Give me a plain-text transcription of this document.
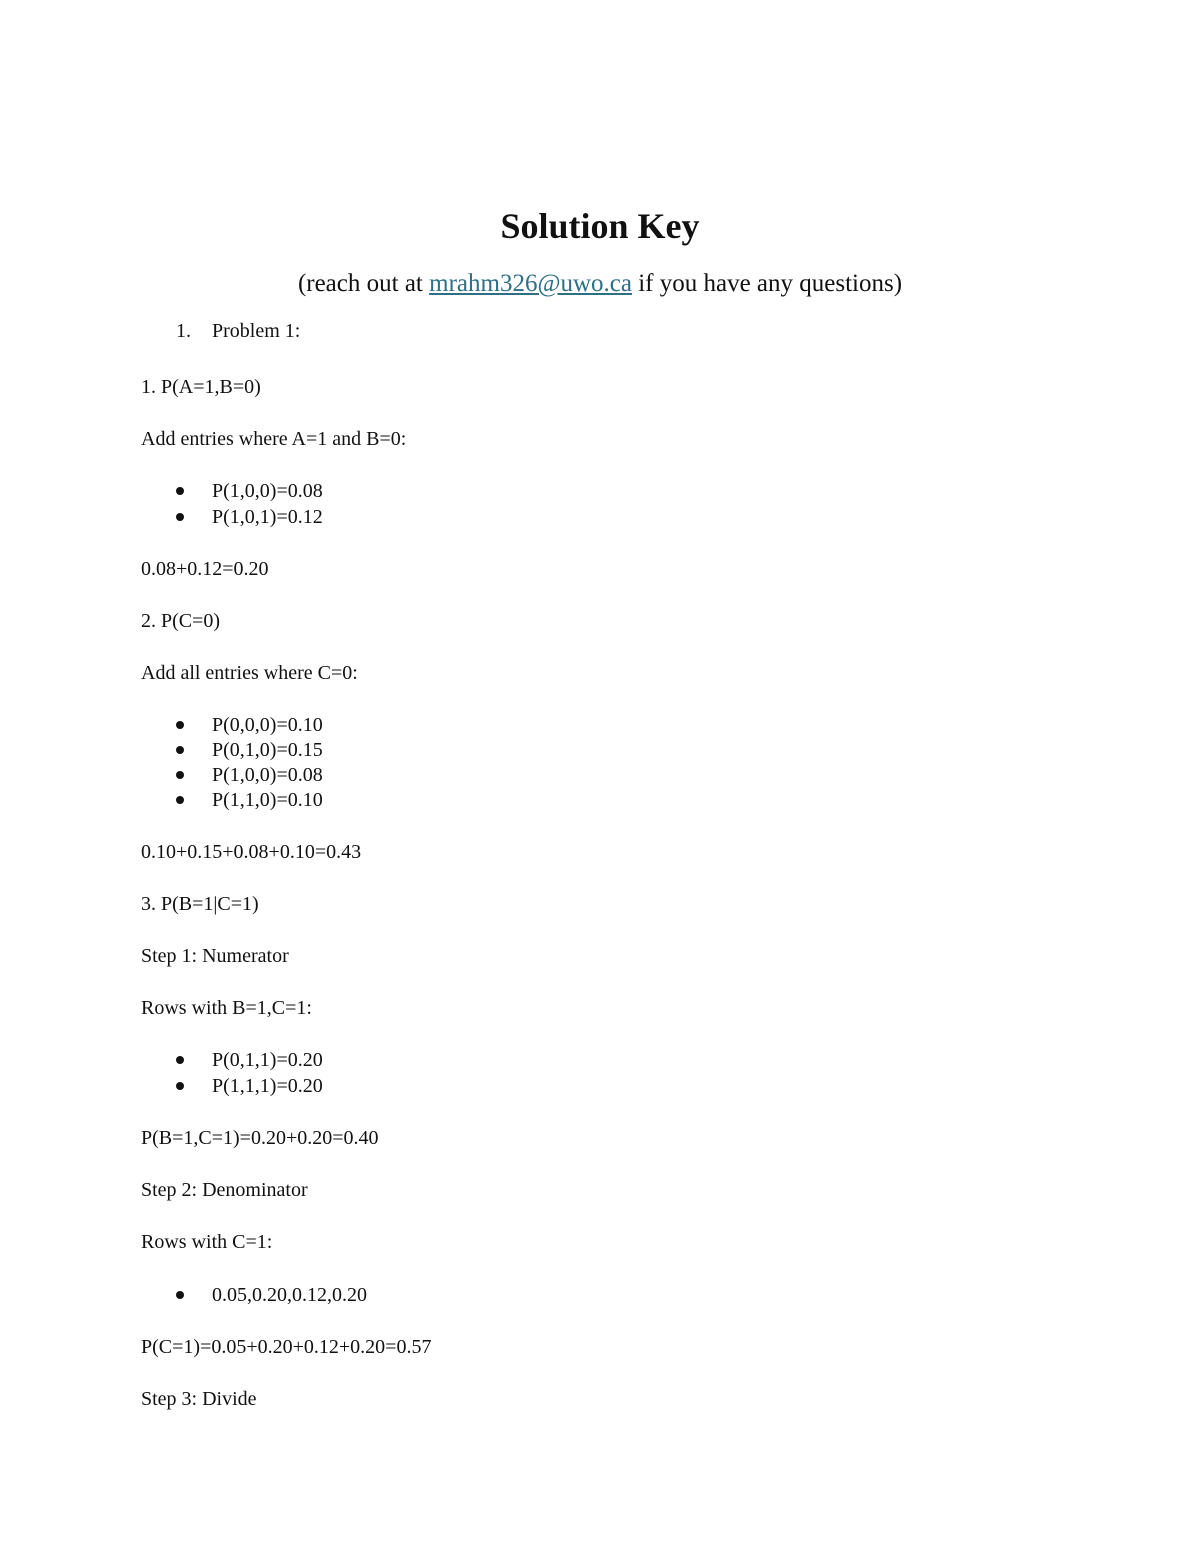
Solution Key

(reach out at mrahm326@uwo.ca if you have any questions)

1. Problem 1:
1. P(A=1,B=0)
Add entries where A=1 and B=0:
P(1,0,0)=0.08
P(1,0,1)=0.12
0.08+0.12=0.20
2. P(C=0)
Add all entries where C=0:
P(0,0,0)=0.10
P(0,1,0)=0.15
P(1,0,0)=0.08
P(1,1,0)=0.10
0.10+0.15+0.08+0.10=0.43
3. P(B=1|C=1)
Step 1: Numerator
Rows with B=1,C=1:
P(0,1,1)=0.20
P(1,1,1)=0.20
P(B=1,C=1)=0.20+0.20=0.40
Step 2: Denominator
Rows with C=1:
0.05,0.20,0.12,0.20
P(C=1)=0.05+0.20+0.12+0.20=0.57
Step 3: Divide
